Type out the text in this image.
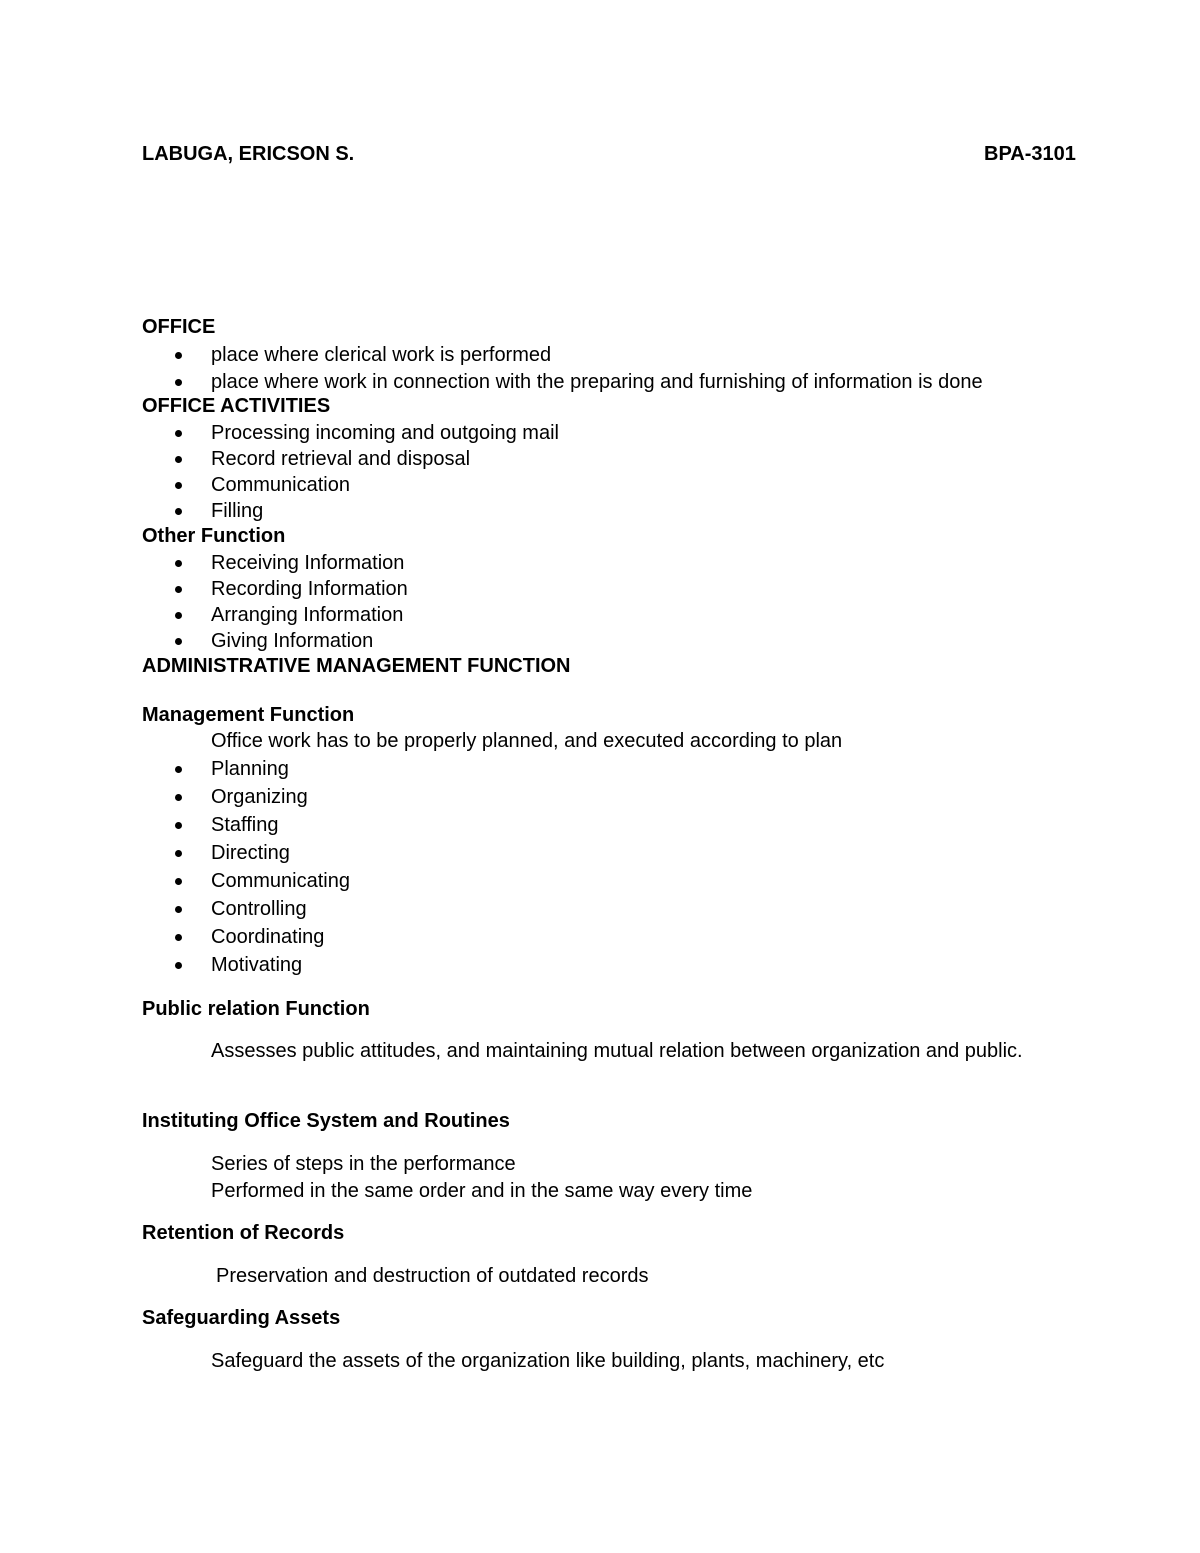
LABUGA, ERICSON S.	BPA-3101
OFFICE
place where clerical work is performed
place where work in connection with the preparing and furnishing of information is done
OFFICE ACTIVITIES
Processing incoming and outgoing mail
Record retrieval and disposal
Communication
Filling
Other Function
Receiving Information
Recording Information
Arranging Information
Giving Information
ADMINISTRATIVE MANAGEMENT FUNCTION
Management Function
Office work has to be properly planned, and executed according to plan
Planning
Organizing
Staffing
Directing
Communicating
Controlling
Coordinating
Motivating
Public relation Function
Assesses public attitudes, and maintaining mutual relation between organization and public.
Instituting Office System and Routines
Series of steps in the performance
Performed in the same order and in the same way every time
Retention of Records
Preservation and destruction of outdated records
Safeguarding Assets
Safeguard the assets of the organization like building, plants, machinery, etc
